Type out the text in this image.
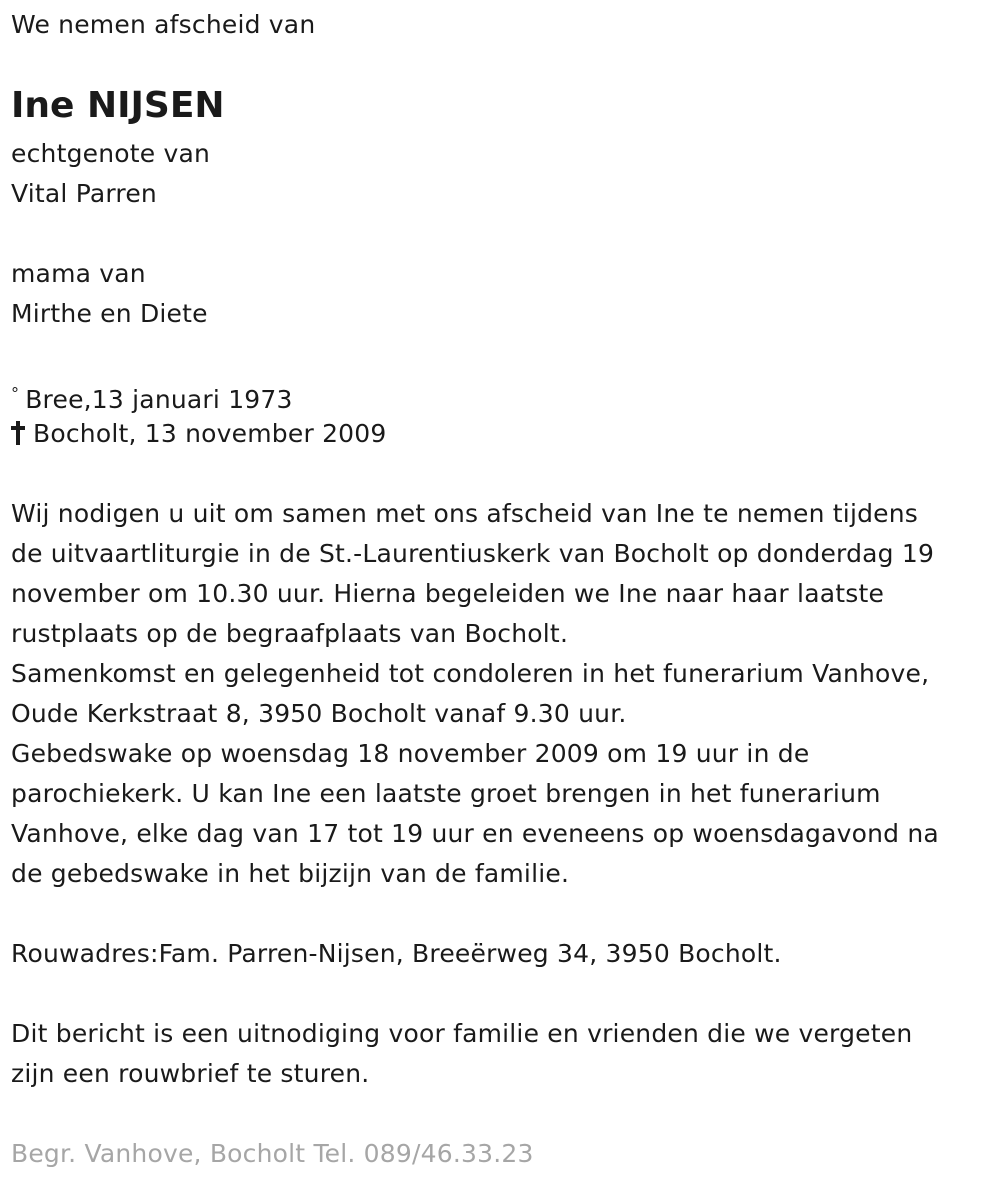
We nemen afscheid van
Ine NIJSEN
echtgenote van
Vital Parren
mama van
Mirthe en Diete
° Bree,13 januari 1973
Bocholt, 13 november 2009
Wij nodigen u uit om samen met ons afscheid van Ine te nemen tijdens
de uitvaartliturgie in de St.-Laurentiuskerk van Bocholt op donderdag 19
november om 10.30 uur. Hierna begeleiden we Ine naar haar laatste
rustplaats op de begraafplaats van Bocholt.
Samenkomst en gelegenheid tot condoleren in het funerarium Vanhove,
Oude Kerkstraat 8, 3950 Bocholt vanaf 9.30 uur.
Gebedswake op woensdag 18 november 2009 om 19 uur in de
parochiekerk. U kan Ine een laatste groet brengen in het funerarium
Vanhove, elke dag van 17 tot 19 uur en eveneens op woensdagavond na
de gebedswake in het bijzijn van de familie.
Rouwadres:Fam. Parren-Nijsen, Breeërweg 34, 3950 Bocholt.
Dit bericht is een uitnodiging voor familie en vrienden die we vergeten
zijn een rouwbrief te sturen.
Begr. Vanhove, Bocholt Tel. 089/46.33.23
